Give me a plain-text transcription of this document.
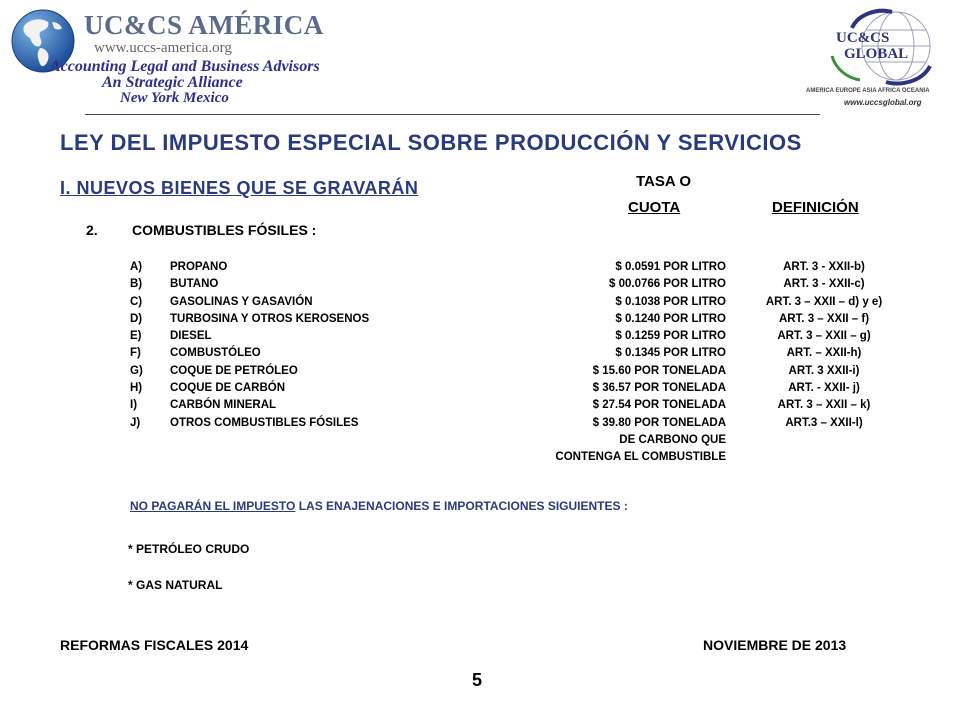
UC&CS AMÉRICA
www.uccs-america.org
Accounting Legal and Business Advisors
An Strategic Alliance
New York Mexico
UC&CS
GLOBAL
AMERICA EUROPE ASIA AFRICA OCEANIA
www.uccsglobal.org
LEY DEL IMPUESTO ESPECIAL SOBRE PRODUCCIÓN Y SERVICIOS
I. NUEVOS BIENES QUE SE GRAVARÁN	TASA O
CUOTA	DEFINICIÓN
2. COMBUSTIBLES FÓSILES :
A)	PROPANO	$ 0.0591 POR LITRO	ART. 3 - XXII-b)
B)	BUTANO	$ 00.0766 POR LITRO	ART. 3 - XXII-c)
C)	GASOLINAS Y GASAVIÓN	$ 0.1038 POR LITRO	ART. 3 – XXII – d) y e)
D)	TURBOSINA Y OTROS KEROSENOS	$ 0.1240 POR LITRO	ART. 3 – XXII – f)
E)	DIESEL	$ 0.1259 POR LITRO	ART. 3 – XXII – g)
F)	COMBUSTÓLEO	$ 0.1345 POR LITRO	ART. – XXII-h)
G)	COQUE DE PETRÓLEO	$ 15.60 POR TONELADA	ART. 3 XXII-i)
H)	COQUE DE CARBÓN	$ 36.57 POR TONELADA	ART. - XXII- j)
I)	CARBÓN MINERAL	$ 27.54 POR TONELADA	ART. 3 – XXII – k)
J)	OTROS COMBUSTIBLES FÓSILES	$ 39.80 POR TONELADA	ART.3 – XXII-l)
		DE CARBONO QUE	
		CONTENGA EL COMBUSTIBLE	
NO PAGARÁN EL IMPUESTO LAS ENAJENACIONES E IMPORTACIONES SIGUIENTES :
* PETRÓLEO CRUDO
* GAS NATURAL
REFORMAS FISCALES 2014	NOVIEMBRE DE 2013
5
